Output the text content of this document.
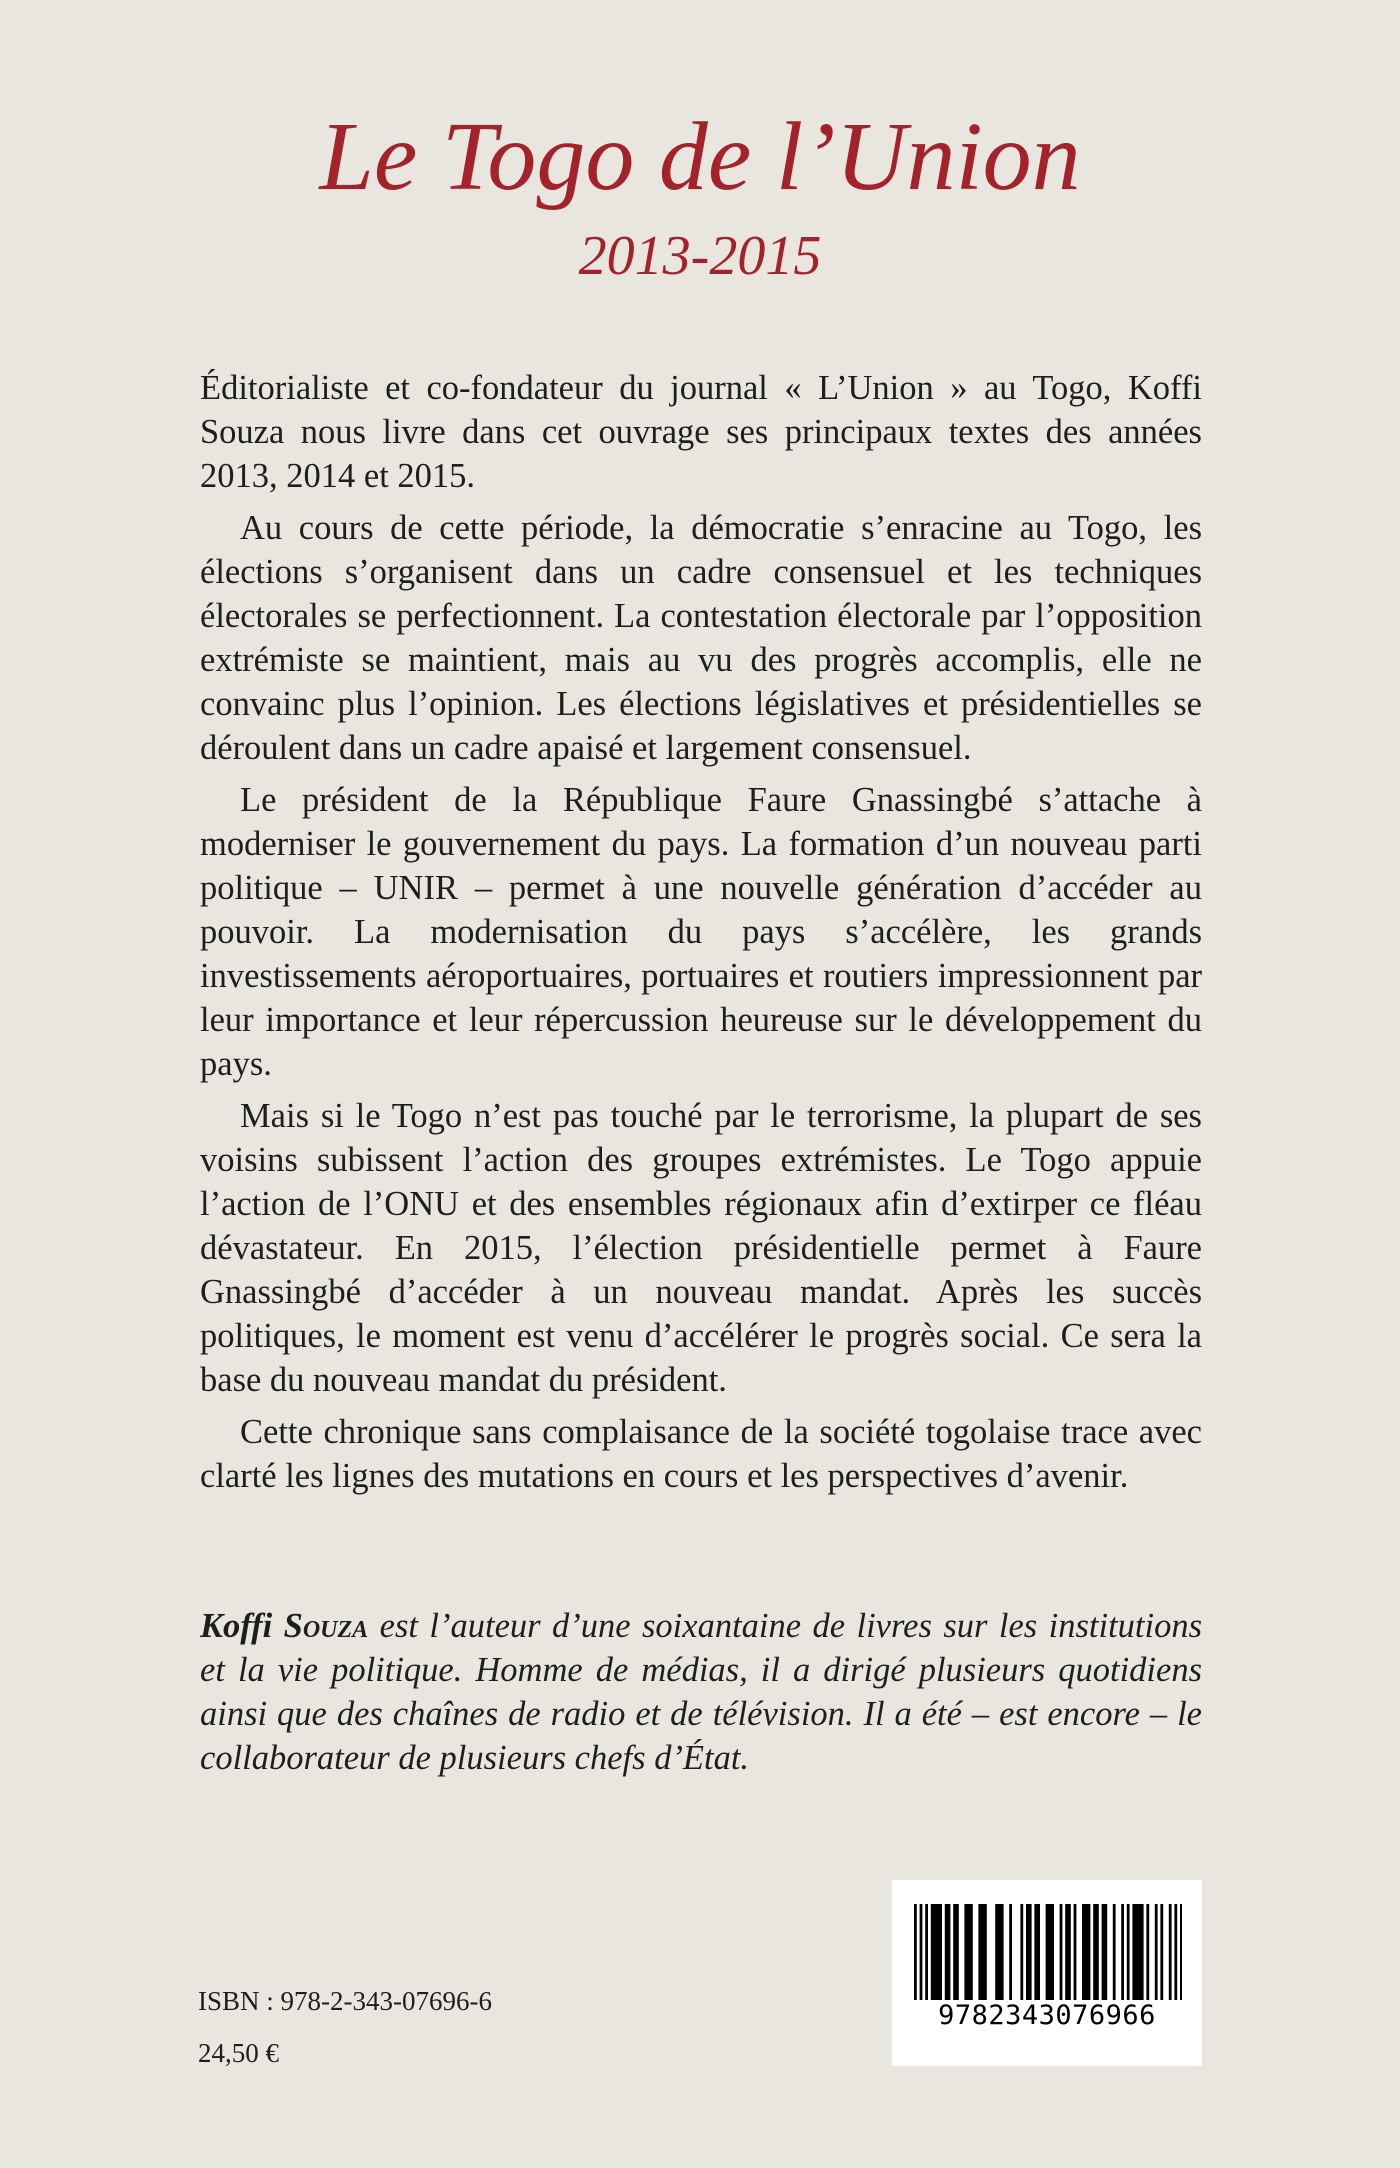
Le Togo de l’Union
2013-2015

Éditorialiste et co-fondateur du journal « L’Union » au Togo, Koffi Souza nous livre dans cet ouvrage ses principaux textes des années 2013, 2014 et 2015.

Au cours de cette période, la démocratie s’enracine au Togo, les élections s’organisent dans un cadre consensuel et les techniques électorales se perfectionnent. La contestation électorale par l’opposition extrémiste se maintient, mais au vu des progrès accomplis, elle ne convainc plus l’opinion. Les élections législatives et présidentielles se déroulent dans un cadre apaisé et largement consensuel.

Le président de la République Faure Gnassingbé s’attache à moderniser le gouvernement du pays. La formation d’un nouveau parti politique – UNIR – permet à une nouvelle génération d’accéder au pouvoir. La modernisation du pays s’accélère, les grands investissements aéroportuaires, portuaires et routiers impressionnent par leur importance et leur répercussion heureuse sur le développement du pays.

Mais si le Togo n’est pas touché par le terrorisme, la plupart de ses voisins subissent l’action des groupes extrémistes. Le Togo appuie l’action de l’ONU et des ensembles régionaux afin d’extirper ce fléau dévastateur. En 2015, l’élection présidentielle permet à Faure Gnassingbé d’accéder à un nouveau mandat. Après les succès politiques, le moment est venu d’accélérer le progrès social. Ce sera la base du nouveau mandat du président.

Cette chronique sans complaisance de la société togolaise trace avec clarté les lignes des mutations en cours et les perspectives d’avenir.

Koffi Souza est l’auteur d’une soixantaine de livres sur les institutions et la vie politique. Homme de médias, il a dirigé plusieurs quotidiens ainsi que des chaînes de radio et de télévision. Il a été – est encore – le collaborateur de plusieurs chefs d’État.

ISBN : 978-2-343-07696-6
24,50 €
9782343076966
